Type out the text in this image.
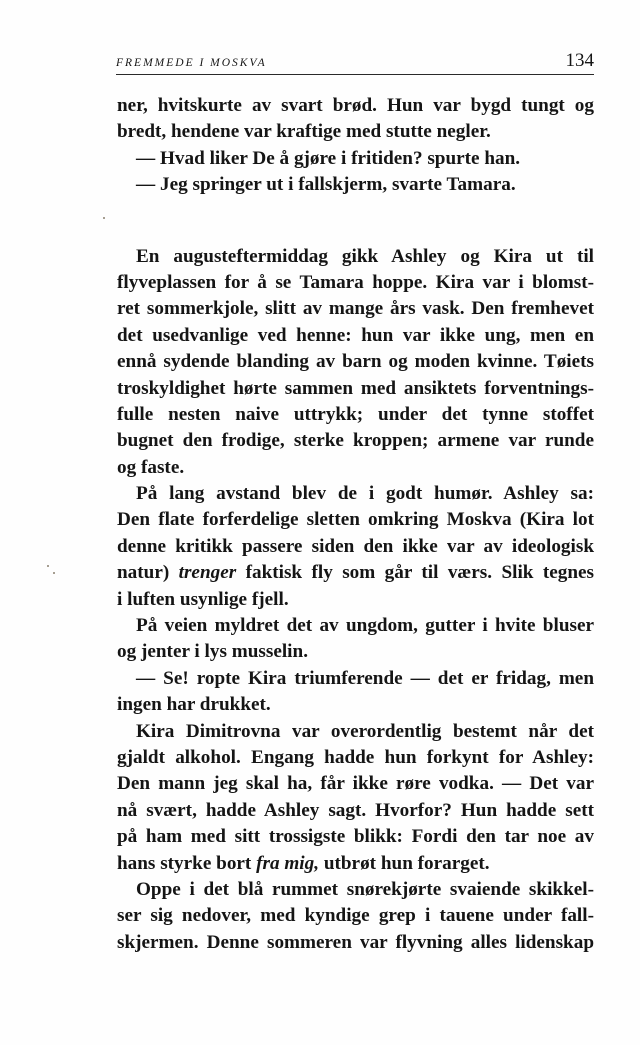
FREMMEDE I MOSKVA	134
ner, hvitskurte av svart brød. Hun var bygd tungt og
bredt, hendene var kraftige med stutte negler.
— Hvad liker De å gjøre i fritiden? spurte han.
— Jeg springer ut i fallskjerm, svarte Tamara.
En augusteftermiddag gikk Ashley og Kira ut til
flyveplassen for å se Tamara hoppe. Kira var i blomst-
ret sommerkjole, slitt av mange års vask. Den fremhevet
det usedvanlige ved henne: hun var ikke ung, men en
ennå sydende blanding av barn og moden kvinne. Tøiets
troskyldighet hørte sammen med ansiktets forventnings-
fulle nesten naive uttrykk; under det tynne stoffet
bugnet den frodige, sterke kroppen; armene var runde
og faste.
På lang avstand blev de i godt humør. Ashley sa:
Den flate forferdelige sletten omkring Moskva (Kira lot
denne kritikk passere siden den ikke var av ideologisk
natur) trenger faktisk fly som går til værs. Slik tegnes
i luften usynlige fjell.
På veien myldret det av ungdom, gutter i hvite bluser
og jenter i lys musselin.
— Se! ropte Kira triumferende — det er fridag, men
ingen har drukket.
Kira Dimitrovna var overordentlig bestemt når det
gjaldt alkohol. Engang hadde hun forkynt for Ashley:
Den mann jeg skal ha, får ikke røre vodka. — Det var
nå svært, hadde Ashley sagt. Hvorfor? Hun hadde sett
på ham med sitt trossigste blikk: Fordi den tar noe av
hans styrke bort fra mig, utbrøt hun forarget.
Oppe i det blå rummet snørekjørte svaiende skikkel-
ser sig nedover, med kyndige grep i tauene under fall-
skjermen. Denne sommeren var flyvning alles lidenskap
